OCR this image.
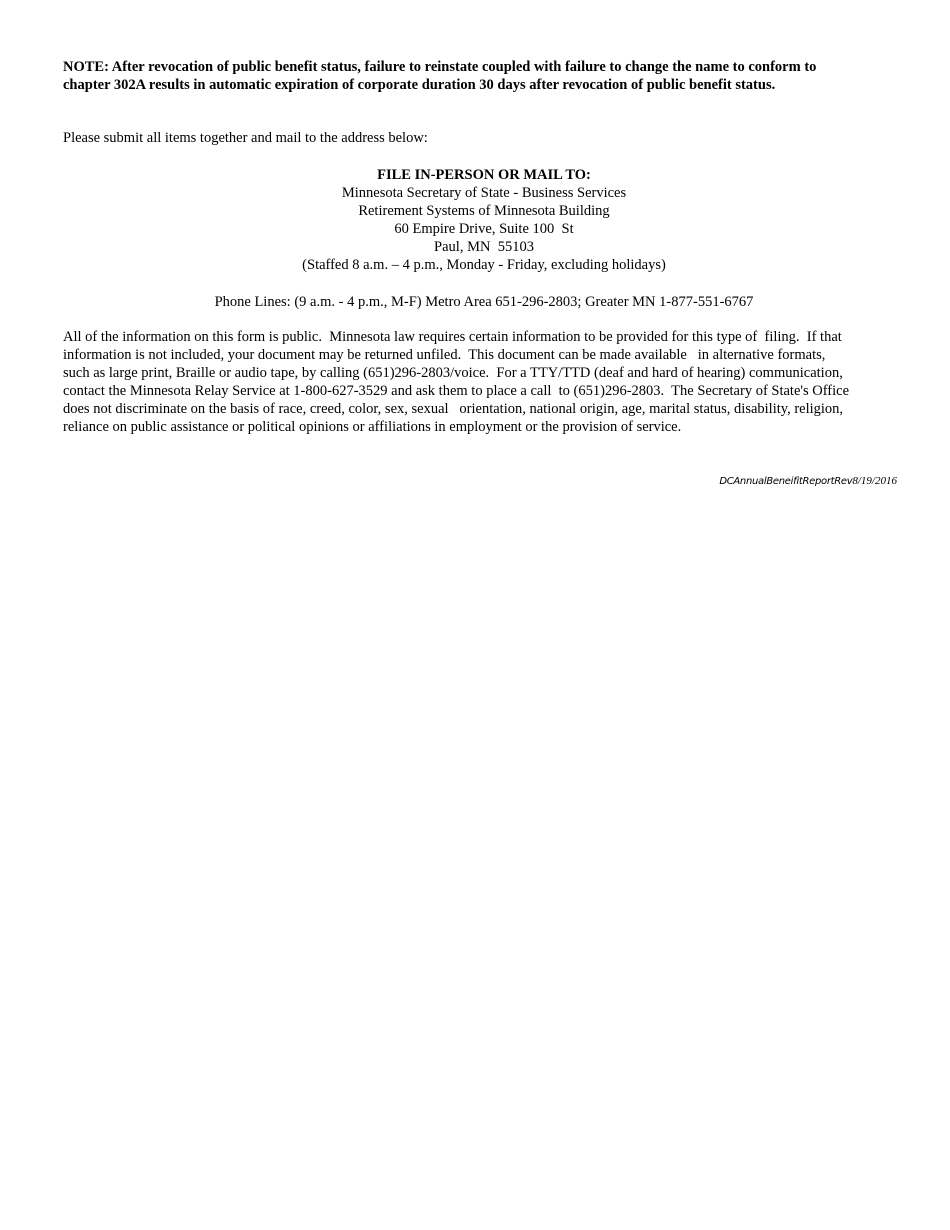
NOTE: After revocation of public benefit status, failure to reinstate coupled with failure to change the name to conform to
chapter 302A results in automatic expiration of corporate duration 30 days after revocation of public benefit status.
Please submit all items together and mail to the address below:
FILE IN-PERSON OR MAIL TO:
Minnesota Secretary of State - Business Services
Retirement Systems of Minnesota Building
60 Empire Drive, Suite 100  St
Paul, MN  55103
(Staffed 8 a.m. – 4 p.m., Monday - Friday, excluding holidays)
Phone Lines: (9 a.m. - 4 p.m., M-F) Metro Area 651-296-2803; Greater MN 1-877-551-6767
All of the information on this form is public.  Minnesota law requires certain information to be provided for this type of  filing.  If that
information is not included, your document may be returned unfiled.  This document can be made available   in alternative formats,
such as large print, Braille or audio tape, by calling (651)296-2803/voice.  For a TTY/TTD (deaf and hard of hearing) communication,
contact the Minnesota Relay Service at 1-800-627-3529 and ask them to place a call  to (651)296-2803.  The Secretary of State's Office
does not discriminate on the basis of race, creed, color, sex, sexual   orientation, national origin, age, marital status, disability, religion,
reliance on public assistance or political opinions or affiliations in employment or the provision of service.
DCAnnualBeneifitReportRev8/19/2016
